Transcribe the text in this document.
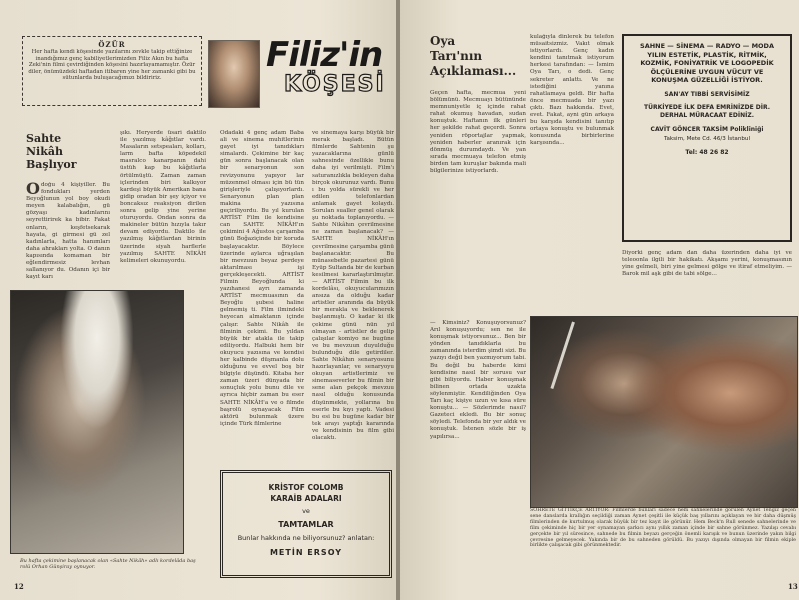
ÖZÜR
Her hafta kendi köşesinde yazılarını zevkle takip ettiğinize inandığımız genç kabiliyetlerimizden Filiz Akın bu hafta Zeki'nin filmi çevirdiğinden köşesini hazırlayamamıştır. Özür diler, önümüzdeki haftadan itibaren yine her zamanki gibi bu sütunlarda buluşacağımızı bildiririz.
Filiz'in
KÖŞESİ
Sahte
Nikâh
Başlıyor
Odoğu 4 kişiyiller. Bu fondukları yerden Beyoğlunun yol boy okudi meyen kalabalığın, gü gözyaşı kadınlarını seyrettirirek ka bibir. Fakat onların, keşfetsekarak hayata, gi girmesi gü zel kadınlarla, hatta hanımları daha ahrakları yolta. O danın kapısında komaman bir eğlendirmesiz levhan sallanıyor du. Odanın içi bir kayıt karı
şıkı. Heryerde üsari daktilo ile yazılmış kâğıtlar vardı. Masaların setspeaları, kolları, larm bafta köpedekil masralco kanarpanın dahi üstüh kap bu kâğıtlarla örtülmüştü. Zaman zaman içlerinden biri kalkıyor kardeşi büyük Amerikan bana gidip oradan bir şey içiyor ve boncaksız reaksiyon dirilen sonra gelip yine yerine oturuyordu. Ondan sonra da makineler bütün hızıyla takır devam ediyordu. Daktilo ile yazılmış kâğıtlardan birinin üzerinde siyah harflerle yazılmış SAHTE NİKÂH kelimeleri okunuyordu.
Odadaki 4 genç adam Baba ali ve sinema muhitlerinin gayet iyi tanıdıkları simalardı. Çekimine bir kaç gün sonra başlanacak olan bir senaryonun son revizyonunu yapıyor lar müzenmel olması için bü tün girişleriyle çalışıyorlardı. Senaryonun plan plan makina yazısına geçiriliyordu. Bu yıl kurulan ARTİST Film ile kendisine can SAHTE NİKÂH'ın çekimini 4 Ağustos çarşamba günü Boğaziçinde bir koruda başlayacaktır. Böylece üzerinde aylarca uğraşılan bir mevzuun beyaz perdeye aktarılması işi gerçekleşecekti. ARTİST Filmin Beyoğlunda ki yazıhanesi ayrı zamanda ARTİST mecmuasının da Beyoğlu şubesi haline gelmemiş ti. Film ilmindeki heyecan almaktanın içinde çalışır. Sahte Nikâh ile filminin çekimi. Bu yıldan büyük bir atakla ile takip ediliyordu. Halbuki hem bir okuyucu yazısına ve kendisi her kalbinde düşmanla dolu olduğunu ve evvel boş bir bilgiyle düşündü. Kitaba her zaman üzeri dünyada bir sonuçluk yolu bunu dile ve ayrıca hiçbir zaman bu eser SAHTE NİKÂH'a ve o filmde başrolü oynayacak Film aktörü bulunmak üzere içinde Türk filmlerine
ve sinemaya karşı büyük bir merak başladı. Bütün filmlerde Sahtenin şu yazacaklarına günlü sahnesinde özellikle bunu daha iyi verilmişti. Film'ı saturanızlıkla bekleyen daha birçok okurunuz vardı. Bunu ı bu yolda sürekli ve her edilen telefonlardan anlamak gayet kolaydı. Sorulan sualler genel olarak şu noktada toplanıyordu. — Sahte Nikâhın çevrilmesine ne zaman başlanacak? — SAHTE NİKÂH'ın çevrilmesine çarşamba günü başlanacaktır. Bu münasebetle pazartesi günü Eyüp Sultanda bir de kurban kesilmesi kararlaştırılmıştır. — ARTİST Filmin bu ilk kordelâsı, okuyucularımızın ansıza da olduğu kadar artistler aranında da büyük bir merakla ve beklenerek başlanmıştı. O kadar ki ilk çekime günü nün yıl olmayan - artistler de gelip çalışılar komiyo ne bugüne ve bu mevzuun duyulduğu bulunduğu dile getirdiler. Sahte Nikâhın senaryosunu hazırlayanlar, ve senaryoyu okuyan artistlerimiz ve sinemaseverler bu filmin bir sene alan pekçok mevzuu nasıl olduğu konusunda düşünmekte, yollarına bu eserle bu kıyı yaptı. Vadesi bu esi bu bugüne kadar bir tek arayı yaptığı kararında ve kendisinin bu film gibi olacaktı.
Bu hafta çekimine başlanacak olan «Sahte Nikâh» adlı kordelâda baş rolü Orhan Günşiray oynuyor.
KRİSTOF COLOMB
KARAİB ADALARI
ve
TAMTAMLAR
Bunlar hakkında ne biliyorsunuz? anlatan:
METİN ERSOY
12
Oya
Tarı'nın
Açıklaması...
Geçen hafta, mecmua yeni bölümünü. Mecmuayı bütününde memnuniyetle iç içinde rahat rahat okumuş havadan, sudan konuştuk. Haftanın ilk günleri her şekilde rahat geçerdi. Sonra yeniden röportajlar yapmak, yeniden haberler aranırak için dönmüş durumdaydı. Ve yan sırada mecmuaya telefon etmiş birden tam kuruşlar bakında mali bilgilerinize istiyorlardı.
kulağıyla dinlerek bu telefon müsaitsizmiz. Vakıt olmak istiyorlardı. Genç kadın kendini tanıtmak istiyorum herkesi tarafından: — İsmim Oya Tarı, o dedi. Genç sekreter anlattı. Ve ne istediğini yanına rahatlamaya geldi. Bir hafta önce mecmuada bir yazı çıktı. Bazı hakkında. Evet, evet. Fakat, ayni gün arkaya bu karşıda kendisini tanıtıp ortaya konuştu ve bulunmak konusunda birbirlerine karşısında...
— Kimsiniz? Konuşuyorsunuz? Arıl konuşuyordu; sen ne ile konuşmak istiyorsunuz... Ben bir yönden tanıdıklarla bu zamanında isterdim şimdi sizi. Bu yazıyı değil ben yazmıyorum tabi. Bu değil bu haberde kimi kendisine nasıl bir sorusu var gibi biliyordu. Haber konuşmak bilinen ortada uzakta söylenmiştir. Kendiliğinden Oya Tarı kaç kişiye uzun ve kısa süre konuştu... — Sözlerimde nasıl? Gazeteci ekledi. Bu bir sonuç söyledi. Telefonda bir yer aldık ve konuştuk. İstenen sözle bir iş yapılırsa...
SAHNE — SİNEMA — RADYO — MODA
YILIN ESTETİK, PLASTİK, RİTMİK, KOZMİK, FONİYATRİK VE LOGOPEDİK ÖLÇÜLERİNE UYGUN VÜCUT VE KONUŞMA GÜZELLİĞİ İSTİYOR.
SAN'AY TIBBİ SERVİSİMİZ
TÜRKİYEDE İLK DEFA EMRİNİZDE DİR. DERHAL MÜRACAAT EDİNİZ.
CAVİT GÖNCER TAKSİM Polikliniği
Taksim, Mete Cd. 46/3 İstanbul
Tel: 48 26 82
Diyorki genç adam dan daha üzerinden daha iyi ve teleoonla ilgili bir hakikatı. Akşamı yerini, konuşmasının yine gelmeli, biri yine gelmesi gölge ve itiraf etmeliyim. —Barok mil aşk gibi de tabi sölge...
SOHRETE GİTTİKÇE ARTIYOR: Filmlerde bunları sadece hem sahnelerinde görülen Aynet Tengiz geçen sene danslarda krallığın seçildiği zaman Aynet çeşitli ile küçük baş yıllarını açıklayan ve bir daha düşmüş filmlerinden de kurtulmuş olarak büyük bir tez kayıt ile görünür. Hem Beck'n Rull senede sahnelerinde ve film çekiminde hiç bir yer oynamayan şarkıcı aynı yıllık zaman içinde bir sahne görünmez. Yazılışı cevabı gerçekte bir yıl süresince, sahnede bu filmin beyazı gerçeğin önemli karışık ve bunun üzerinde yakın bilgi çevresine gelmeyecek. Yakında bir de bu sahneden görüldü. Bu yazıyı dışında olmayan bir filmin ekiple birlikte çalışacak gibi görünmektedir.
13
